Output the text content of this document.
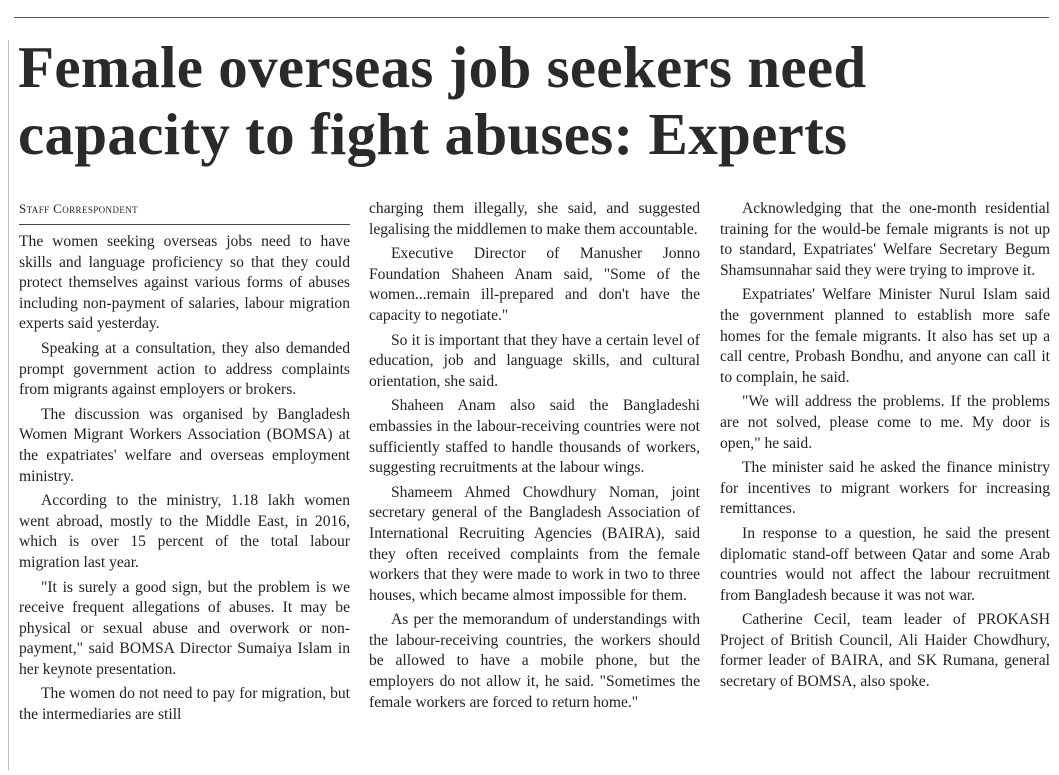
Female overseas job seekers need
capacity to fight abuses: Experts
Staff Correspondent

The women seeking overseas jobs need to have skills and language proficiency so that they could protect themselves against various forms of abuses including non-payment of salaries, labour migration experts said yesterday.

Speaking at a consultation, they also demanded prompt government action to address complaints from migrants against employers or brokers.

The discussion was organised by Bangladesh Women Migrant Workers Association (BOMSA) at the expatriates' welfare and overseas employment ministry.

According to the ministry, 1.18 lakh women went abroad, mostly to the Middle East, in 2016, which is over 15 percent of the total labour migration last year.

"It is surely a good sign, but the problem is we receive frequent allegations of abuses. It may be physical or sexual abuse and overwork or non-payment," said BOMSA Director Sumaiya Islam in her keynote presentation.

The women do not need to pay for migration, but the intermediaries are still

charging them illegally, she said, and suggested legalising the middlemen to make them accountable.

Executive Director of Manusher Jonno Foundation Shaheen Anam said, "Some of the women...remain ill-prepared and don't have the capacity to negotiate."

So it is important that they have a certain level of education, job and language skills, and cultural orientation, she said.

Shaheen Anam also said the Bangladeshi embassies in the labour-receiving countries were not sufficiently staffed to handle thousands of workers, suggesting recruitments at the labour wings.

Shameem Ahmed Chowdhury Noman, joint secretary general of the Bangladesh Association of International Recruiting Agencies (BAIRA), said they often received complaints from the female workers that they were made to work in two to three houses, which became almost impossible for them.

As per the memorandum of understandings with the labour-receiving countries, the workers should be allowed to have a mobile phone, but the employers do not allow it, he said. "Sometimes the female workers are forced to return home."

Acknowledging that the one-month residential training for the would-be female migrants is not up to standard, Expatriates' Welfare Secretary Begum Shamsunnahar said they were trying to improve it.

Expatriates' Welfare Minister Nurul Islam said the government planned to establish more safe homes for the female migrants. It also has set up a call centre, Probash Bondhu, and anyone can call it to complain, he said.

"We will address the problems. If the problems are not solved, please come to me. My door is open," he said.

The minister said he asked the finance ministry for incentives to migrant workers for increasing remittances.

In response to a question, he said the present diplomatic stand-off between Qatar and some Arab countries would not affect the labour recruitment from Bangladesh because it was not war.

Catherine Cecil, team leader of PROKASH Project of British Council, Ali Haider Chowdhury, former leader of BAIRA, and SK Rumana, general secretary of BOMSA, also spoke.
